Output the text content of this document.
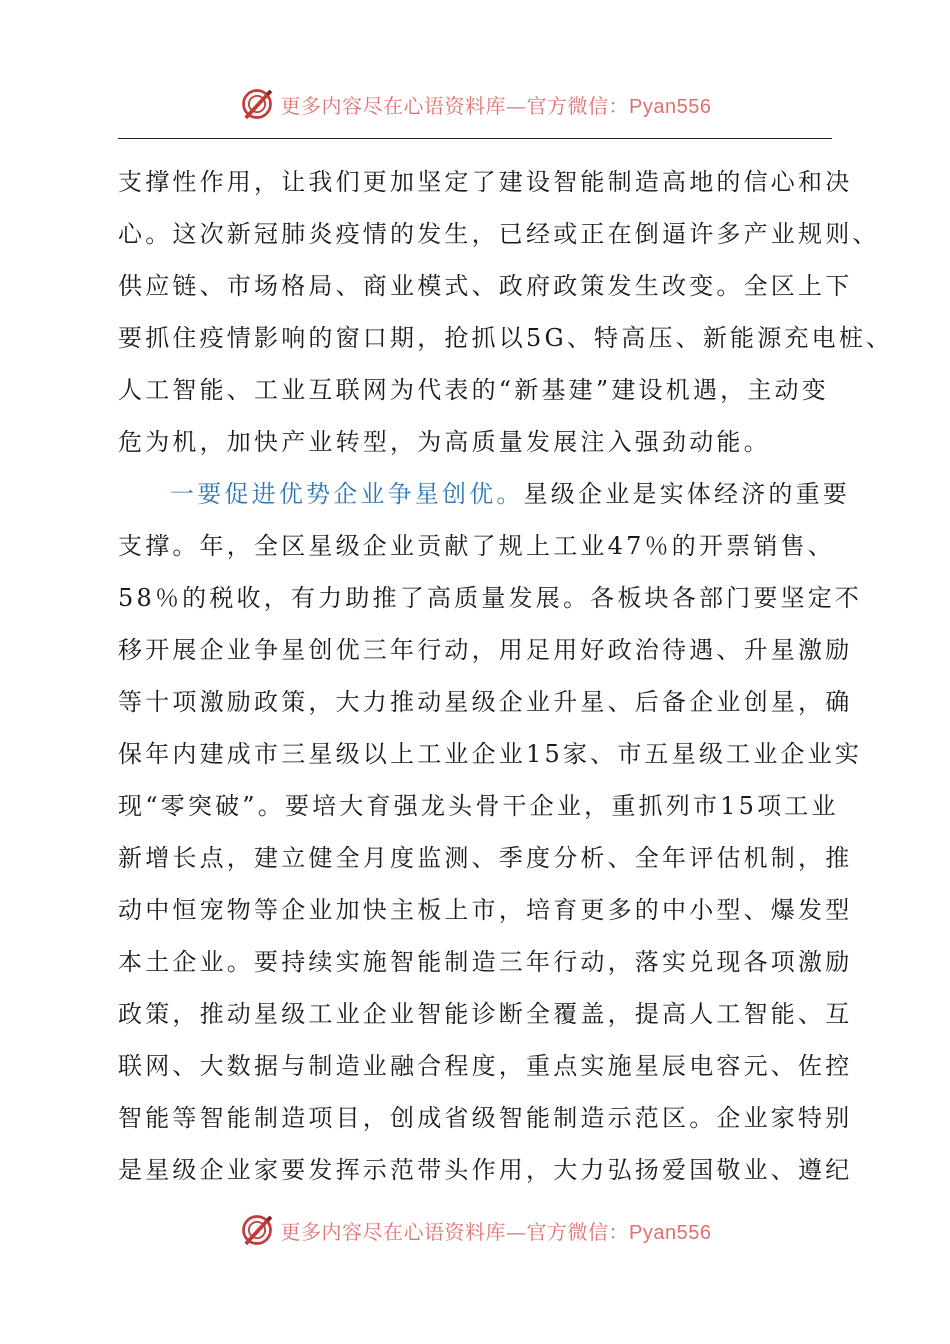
更多内容尽在心语资料库—官方微信：Pyan556
支撑性作用，让我们更加坚定了建设智能制造高地的信心和决
心。这次新冠肺炎疫情的发生，已经或正在倒逼许多产业规则、
供应链、市场格局、商业模式、政府政策发生改变。全区上下
要抓住疫情影响的窗口期，抢抓以5G、特高压、新能源充电桩、
人工智能、工业互联网为代表的“新基建”建设机遇，主动变
危为机，加快产业转型，为高质量发展注入强劲动能。
一要促进优势企业争星创优。星级企业是实体经济的重要
支撑。年，全区星级企业贡献了规上工业47％的开票销售、
58％的税收，有力助推了高质量发展。各板块各部门要坚定不
移开展企业争星创优三年行动，用足用好政治待遇、升星激励
等十项激励政策，大力推动星级企业升星、后备企业创星，确
保年内建成市三星级以上工业企业15家、市五星级工业企业实
现“零突破”。要培大育强龙头骨干企业，重抓列市15项工业
新增长点，建立健全月度监测、季度分析、全年评估机制，推
动中恒宠物等企业加快主板上市，培育更多的中小型、爆发型
本土企业。要持续实施智能制造三年行动，落实兑现各项激励
政策，推动星级工业企业智能诊断全覆盖，提高人工智能、互
联网、大数据与制造业融合程度，重点实施星辰电容元、佐控
智能等智能制造项目，创成省级智能制造示范区。企业家特别
是星级企业家要发挥示范带头作用，大力弘扬爱国敬业、遵纪
更多内容尽在心语资料库—官方微信：Pyan556
